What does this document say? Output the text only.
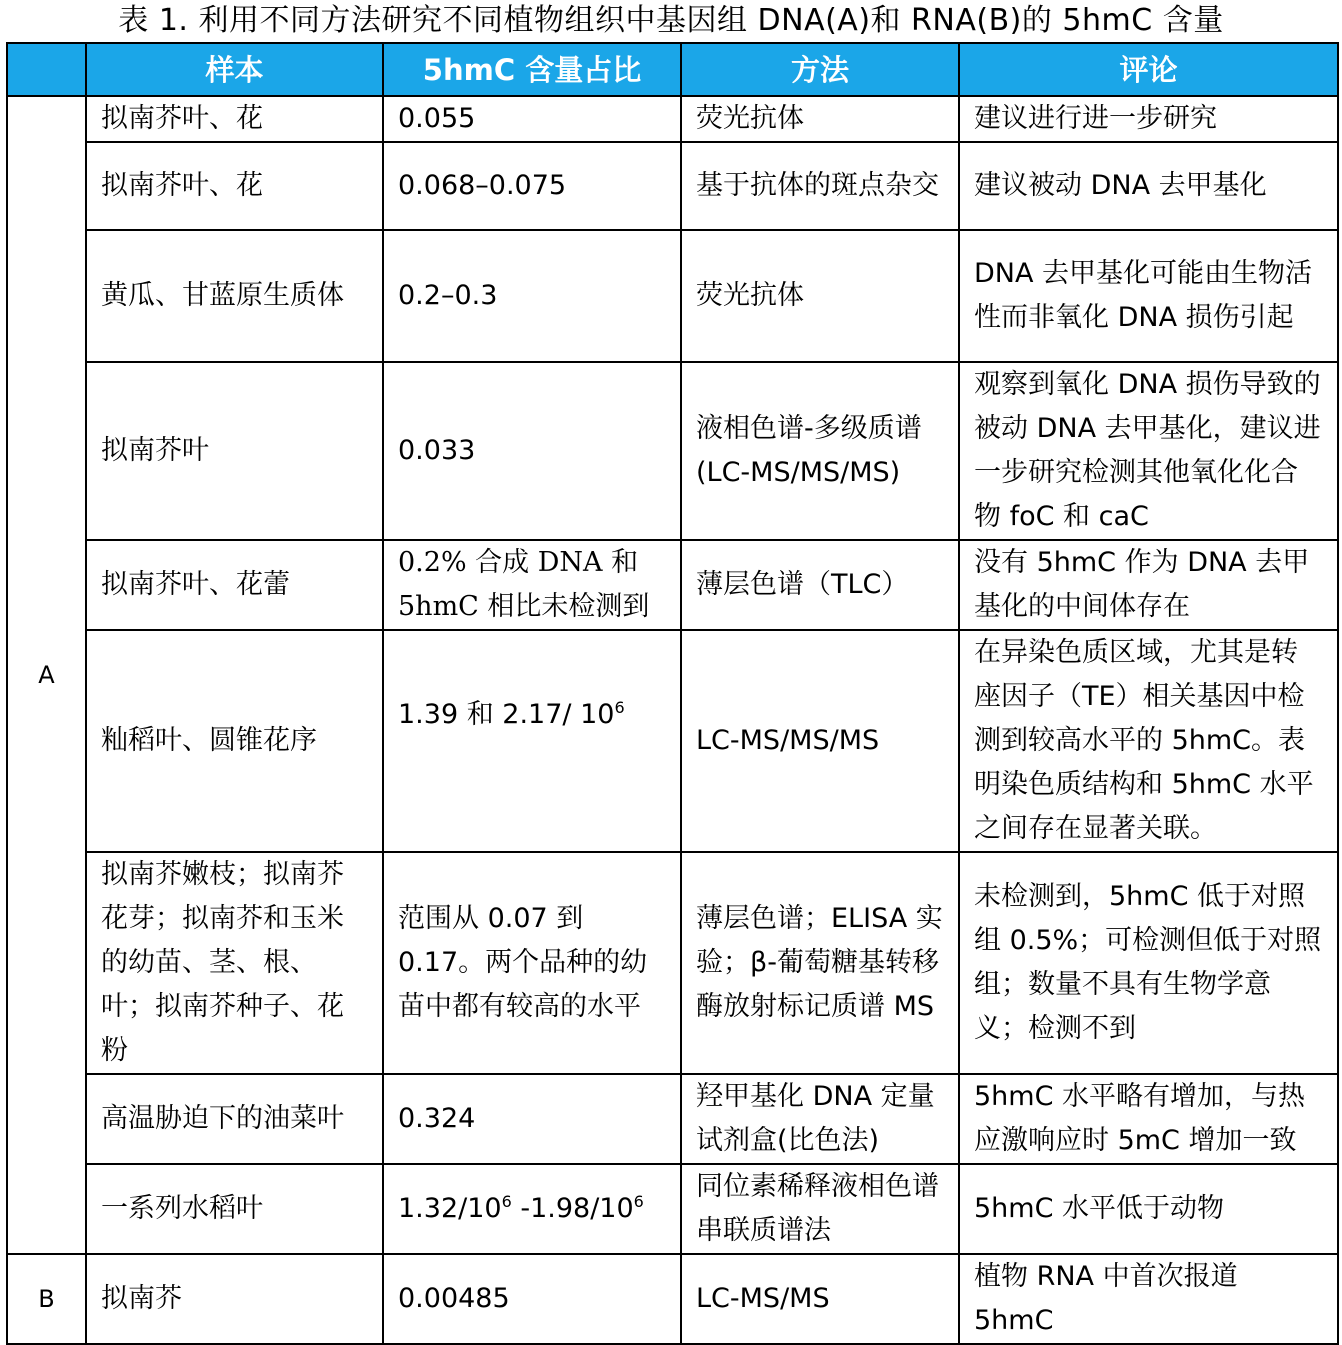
表 1. 利用不同方法研究不同植物组织中基因组 DNA(A)和 RNA(B)的 5hmC 含量
	样本	5hmC 含量占比	方法	评论
A	拟南芥叶、花	0.055	荧光抗体	建议进行进一步研究
	拟南芥叶、花	0.068–0.075	基于抗体的斑点杂交	建议被动 DNA 去甲基化
	黄瓜、甘蓝原生质体	0.2–0.3	荧光抗体	DNA 去甲基化可能由生物活性而非氧化 DNA 损伤引起
	拟南芥叶	0.033	液相色谱-多级质谱(LC-MS/MS/MS)	观察到氧化 DNA 损伤导致的被动 DNA 去甲基化，建议进一步研究检测其他氧化化合物 foC 和 caC
	拟南芥叶、花蕾	0.2% 合成 DNA 和 5hmC 相比未检测到	薄层色谱（TLC）	没有 5hmC 作为 DNA 去甲基化的中间体存在
	籼稻叶、圆锥花序	1.39 和 2.17/ $10^6$	LC-MS/MS/MS	在异染色质区域，尤其是转座因子（TE）相关基因中检测到较高水平的 5hmC。表明染色质结构和 5hmC 水平之间存在显著关联。
	拟南芥嫩枝；拟南芥花芽；拟南芥和玉米的幼苗、茎、根、叶；拟南芥种子、花粉	范围从 0.07 到 0.17。两个品种的幼苗中都有较高的水平	薄层色谱；ELISA 实验；β-葡萄糖基转移酶放射标记质谱 MS	未检测到，5hmC 低于对照组 0.5%；可检测但低于对照组；数量不具有生物学意义；检测不到
	高温胁迫下的油菜叶	0.324	羟甲基化 DNA 定量试剂盒(比色法)	5hmC 水平略有增加，与热应激响应时 5mC 增加一致
	一系列水稻叶	$1.32/10^6$ $-1.98/10^6$	同位素稀释液相色谱串联质谱法	5hmC 水平低于动物
B	拟南芥	0.00485	LC-MS/MS	植物 RNA 中首次报道 5hmC
